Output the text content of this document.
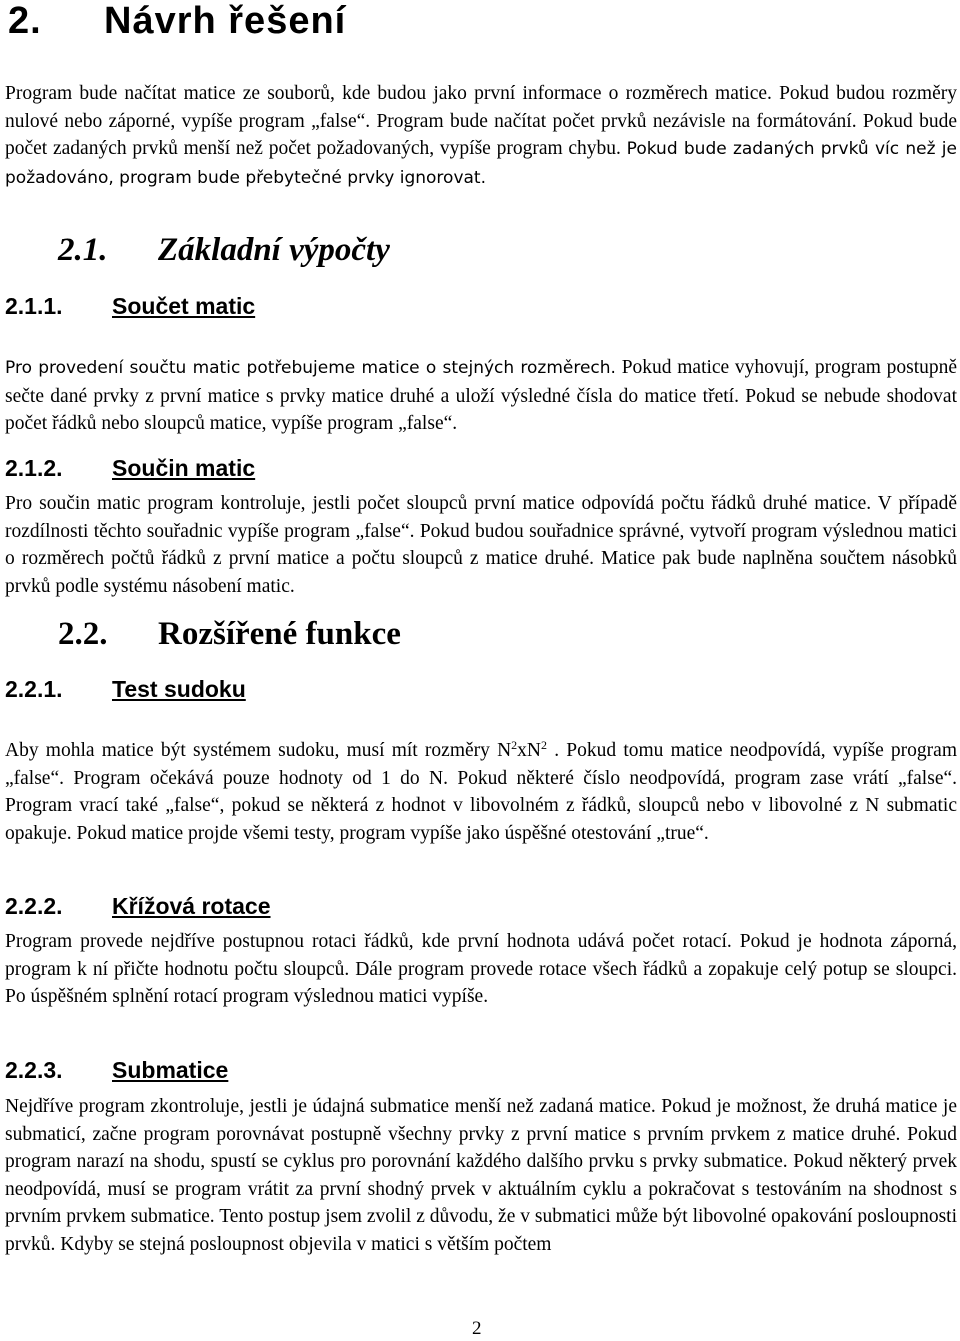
2. Návrh řešení

Program bude načítat matice ze souborů, kde budou jako první informace o rozměrech matice. Pokud budou rozměry nulové nebo záporné, vypíše program „false“. Program bude načítat počet prvků nezávisle na formátování. Pokud bude počet zadaných prvků menší než počet požadovaných, vypíše program chybu. Pokud bude zadaných prvků víc než je požadováno, program bude přebytečné prvky ignorovat.

2.1. Základní výpočty
2.1.1. Součet matic

Pro provedení součtu matic potřebujeme matice o stejných rozměrech. Pokud matice vyhovují, program postupně sečte dané prvky z první matice s prvky matice druhé a uloží výsledné čísla do matice třetí. Pokud se nebude shodovat počet řádků nebo sloupců matice, vypíše program „false“.

2.1.2. Součin matic

Pro součin matic program kontroluje, jestli počet sloupců první matice odpovídá počtu řádků druhé matice. V případě rozdílnosti těchto souřadnic vypíše program „false“. Pokud budou souřadnice správné, vytvoří program výslednou matici o rozměrech počtů řádků z první matice a počtu sloupců z matice druhé. Matice pak bude naplněna součtem násobků prvků podle systému násobení matic.

2.2. Rozšířené funkce
2.2.1. Test sudoku

Aby mohla matice být systémem sudoku, musí mít rozměry $N^2xN^2$ . Pokud tomu matice neodpovídá, vypíše program „false“. Program očekává pouze hodnoty od 1 do N. Pokud některé číslo neodpovídá, program zase vrátí „false“. Program vrací také „false“, pokud se některá z hodnot v libovolném z řádků, sloupců nebo v libovolné z N submatic opakuje. Pokud matice projde všemi testy, program vypíše jako úspěšné otestování „true“.

2.2.2. Křížová rotace

Program provede nejdříve postupnou rotaci řádků, kde první hodnota udává počet rotací. Pokud je hodnota záporná, program k ní přičte hodnotu počtu sloupců. Dále program provede rotace všech řádků a zopakuje celý potup se sloupci. Po úspěšném splnění rotací program výslednou matici vypíše.

2.2.3. Submatice

Nejdříve program zkontroluje, jestli je údajná submatice menší než zadaná matice. Pokud je možnost, že druhá matice je submaticí, začne program porovnávat postupně všechny prvky z první matice s prvním prvkem z matice druhé. Pokud program narazí na shodu, spustí se cyklus pro porovnání každého dalšího prvku s prvky submatice. Pokud některý prvek neodpovídá, musí se program vrátit za první shodný prvek v aktuálním cyklu a pokračovat s testováním na shodnost s prvním prvkem submatice. Tento postup jsem zvolil z důvodu, že v submatici může být libovolné opakování posloupnosti prvků. Kdyby se stejná posloupnost objevila v matici s větším počtem

2
